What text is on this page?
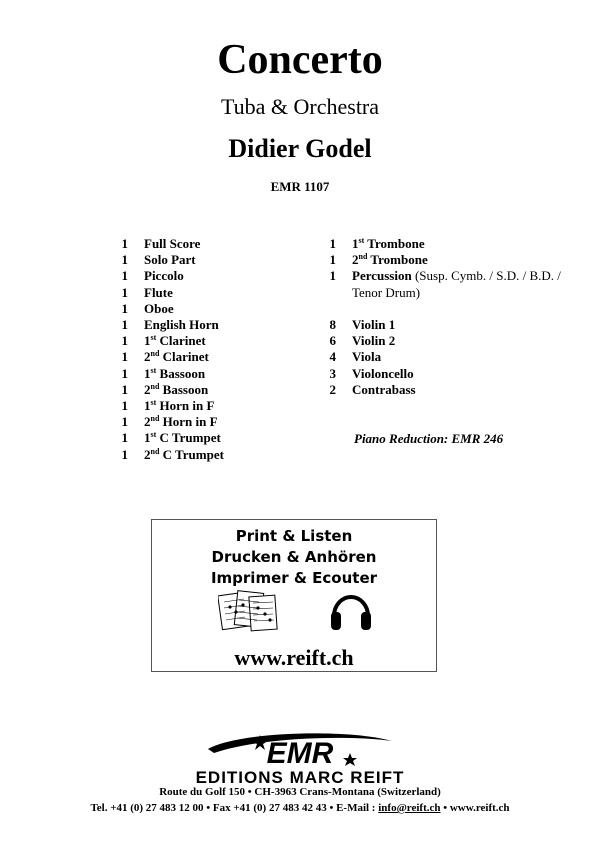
Concerto
Tuba & Orchestra
Didier Godel
EMR 1107
1 Full Score
1 Solo Part
1 Piccolo
1 Flute
1 Oboe
1 English Horn
1 1st Clarinet
1 2nd Clarinet
1 1st Bassoon
1 2nd Bassoon
1 1st Horn in F
1 2nd Horn in F
1 1st C Trumpet
1 2nd C Trumpet
1 1st Trombone
1 2nd Trombone
1 Percussion (Susp. Cymb. / S.D. / B.D. /
Tenor Drum)
8 Violin 1
6 Violin 2
4 Viola
3 Violoncello
2 Contrabass
Piano Reduction: EMR 246
Print & Listen
Drucken & Anhören
Imprimer & Ecouter
www.reift.ch
EMR
EDITIONS MARC REIFT
Route du Golf 150 • CH-3963 Crans-Montana (Switzerland)
Tel. +41 (0) 27 483 12 00 • Fax +41 (0) 27 483 42 43 • E-Mail : info@reift.ch • www.reift.ch
